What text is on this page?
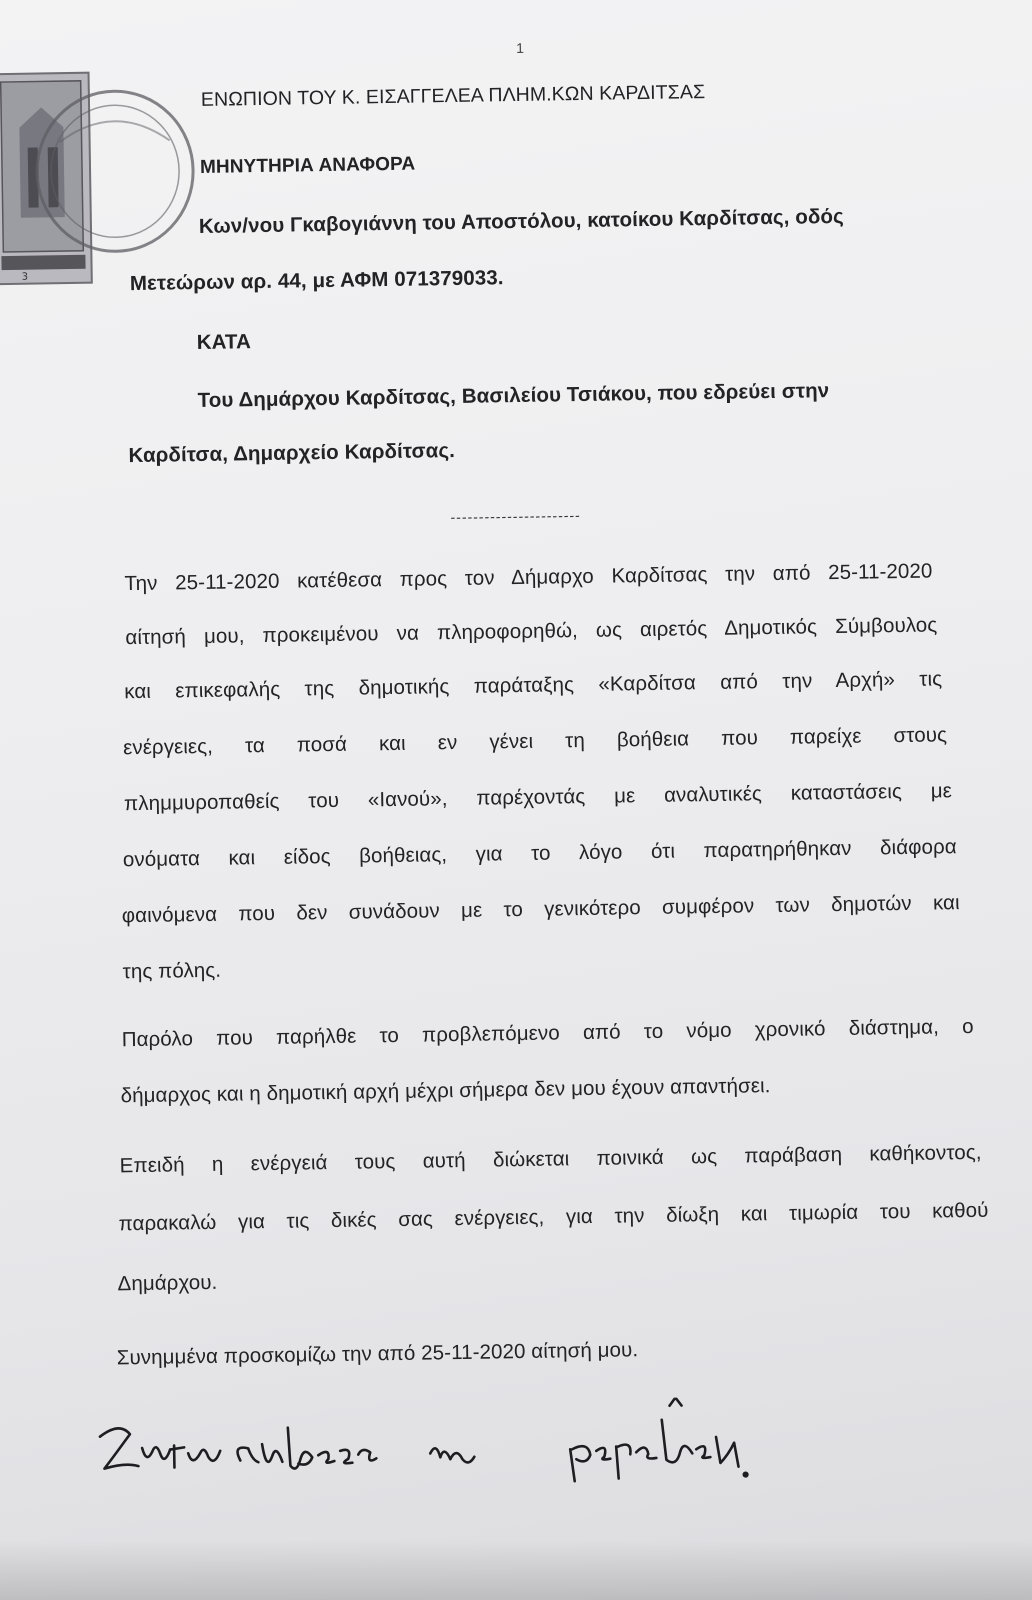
1
3
ΕΝΩΠΙΟΝ ΤΟΥ Κ. ΕΙΣΑΓΓΕΛΕΑ ΠΛΗΜ.ΚΩΝ ΚΑΡΔΙΤΣΑΣ
ΜΗΝΥΤΗΡΙΑ ΑΝΑΦΟΡΑ
Κων/νου Γκαβογιάννη του Αποστόλου, κατοίκου Καρδίτσας, οδός
Μετεώρων αρ. 44, με ΑΦΜ 071379033.
ΚΑΤΑ
Του Δημάρχου Καρδίτσας, Βασιλείου Τσιάκου, που εδρεύει στην
Καρδίτσα, Δημαρχείο Καρδίτσας.
-----------------------
Την 25-11-2020 κατέθεσα προς τον Δήμαρχο Καρδίτσας την από 25-11-2020
αίτησή μου, προκειμένου να πληροφορηθώ, ως αιρετός Δημοτικός Σύμβουλος
και επικεφαλής της δημοτικής παράταξης «Καρδίτσα από την Αρχή» τις
ενέργειες, τα ποσά και εν γένει τη βοήθεια που παρείχε στους
πλημμυροπαθείς του «Ιανού», παρέχοντάς με αναλυτικές καταστάσεις με
ονόματα και είδος βοήθειας, για το λόγο ότι παρατηρήθηκαν διάφορα
φαινόμενα που δεν συνάδουν με το γενικότερο συμφέρον των δημοτών και
της πόλης.
Παρόλο που παρήλθε το προβλεπόμενο από το νόμο χρονικό διάστημα, ο
δήμαρχος και η δημοτική αρχή μέχρι σήμερα δεν μου έχουν απαντήσει.
Επειδή η ενέργειά τους αυτή διώκεται ποινικά ως παράβαση καθήκοντος,
παρακαλώ για τις δικές σας ενέργειες, για την δίωξη και τιμωρία του καθού
Δημάρχου.
Συνημμένα προσκομίζω την από 25-11-2020 αίτησή μου.
Ζητώ ανάθεση της παράβασης
